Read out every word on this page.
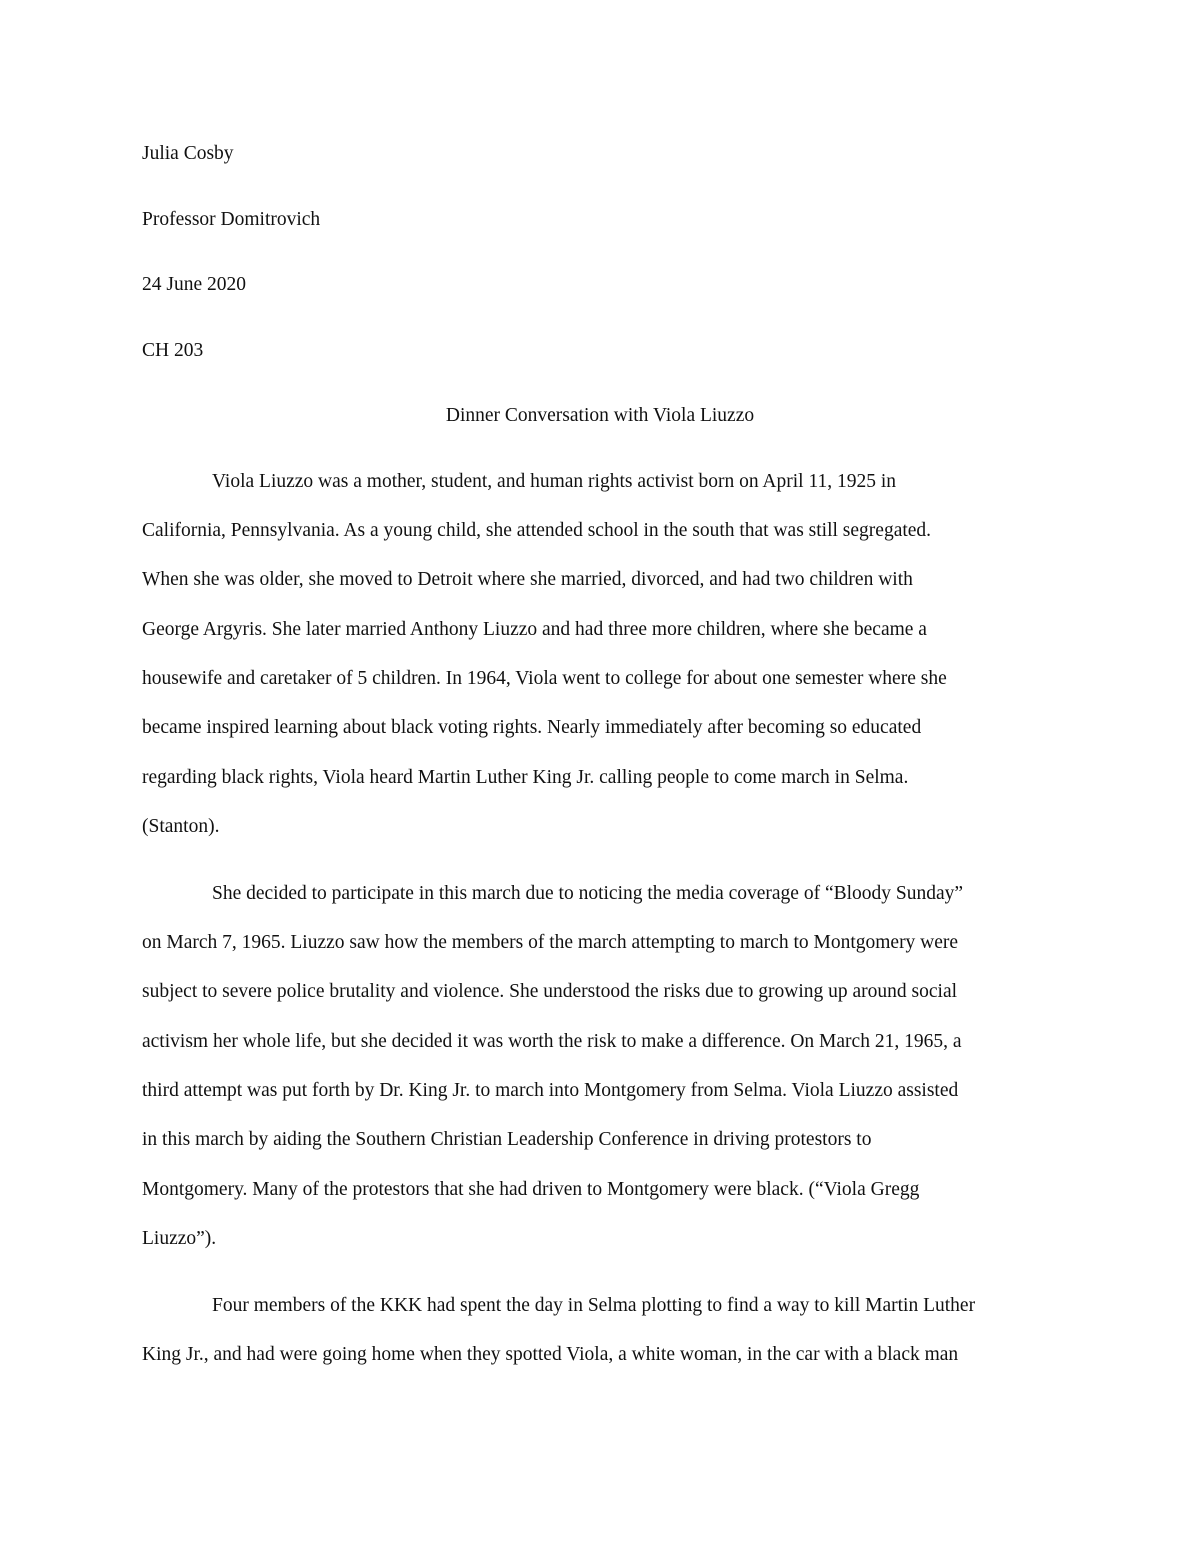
Julia Cosby
Professor Domitrovich
24 June 2020
CH 203
Dinner Conversation with Viola Liuzzo
Viola Liuzzo was a mother, student, and human rights activist born on April 11, 1925 in
California, Pennsylvania. As a young child, she attended school in the south that was still segregated.
When she was older, she moved to Detroit where she married, divorced, and had two children with
George Argyris. She later married Anthony Liuzzo and had three more children, where she became a
housewife and caretaker of 5 children. In 1964, Viola went to college for about one semester where she
became inspired learning about black voting rights. Nearly immediately after becoming so educated
regarding black rights, Viola heard Martin Luther King Jr. calling people to come march in Selma.
(Stanton).
She decided to participate in this march due to noticing the media coverage of “Bloody Sunday”
on March 7, 1965. Liuzzo saw how the members of the march attempting to march to Montgomery were
subject to severe police brutality and violence. She understood the risks due to growing up around social
activism her whole life, but she decided it was worth the risk to make a difference. On March 21, 1965, a
third attempt was put forth by Dr. King Jr. to march into Montgomery from Selma. Viola Liuzzo assisted
in this march by aiding the Southern Christian Leadership Conference in driving protestors to
Montgomery. Many of the protestors that she had driven to Montgomery were black. (“Viola Gregg
Liuzzo”).
Four members of the KKK had spent the day in Selma plotting to find a way to kill Martin Luther
King Jr., and had were going home when they spotted Viola, a white woman, in the car with a black man
